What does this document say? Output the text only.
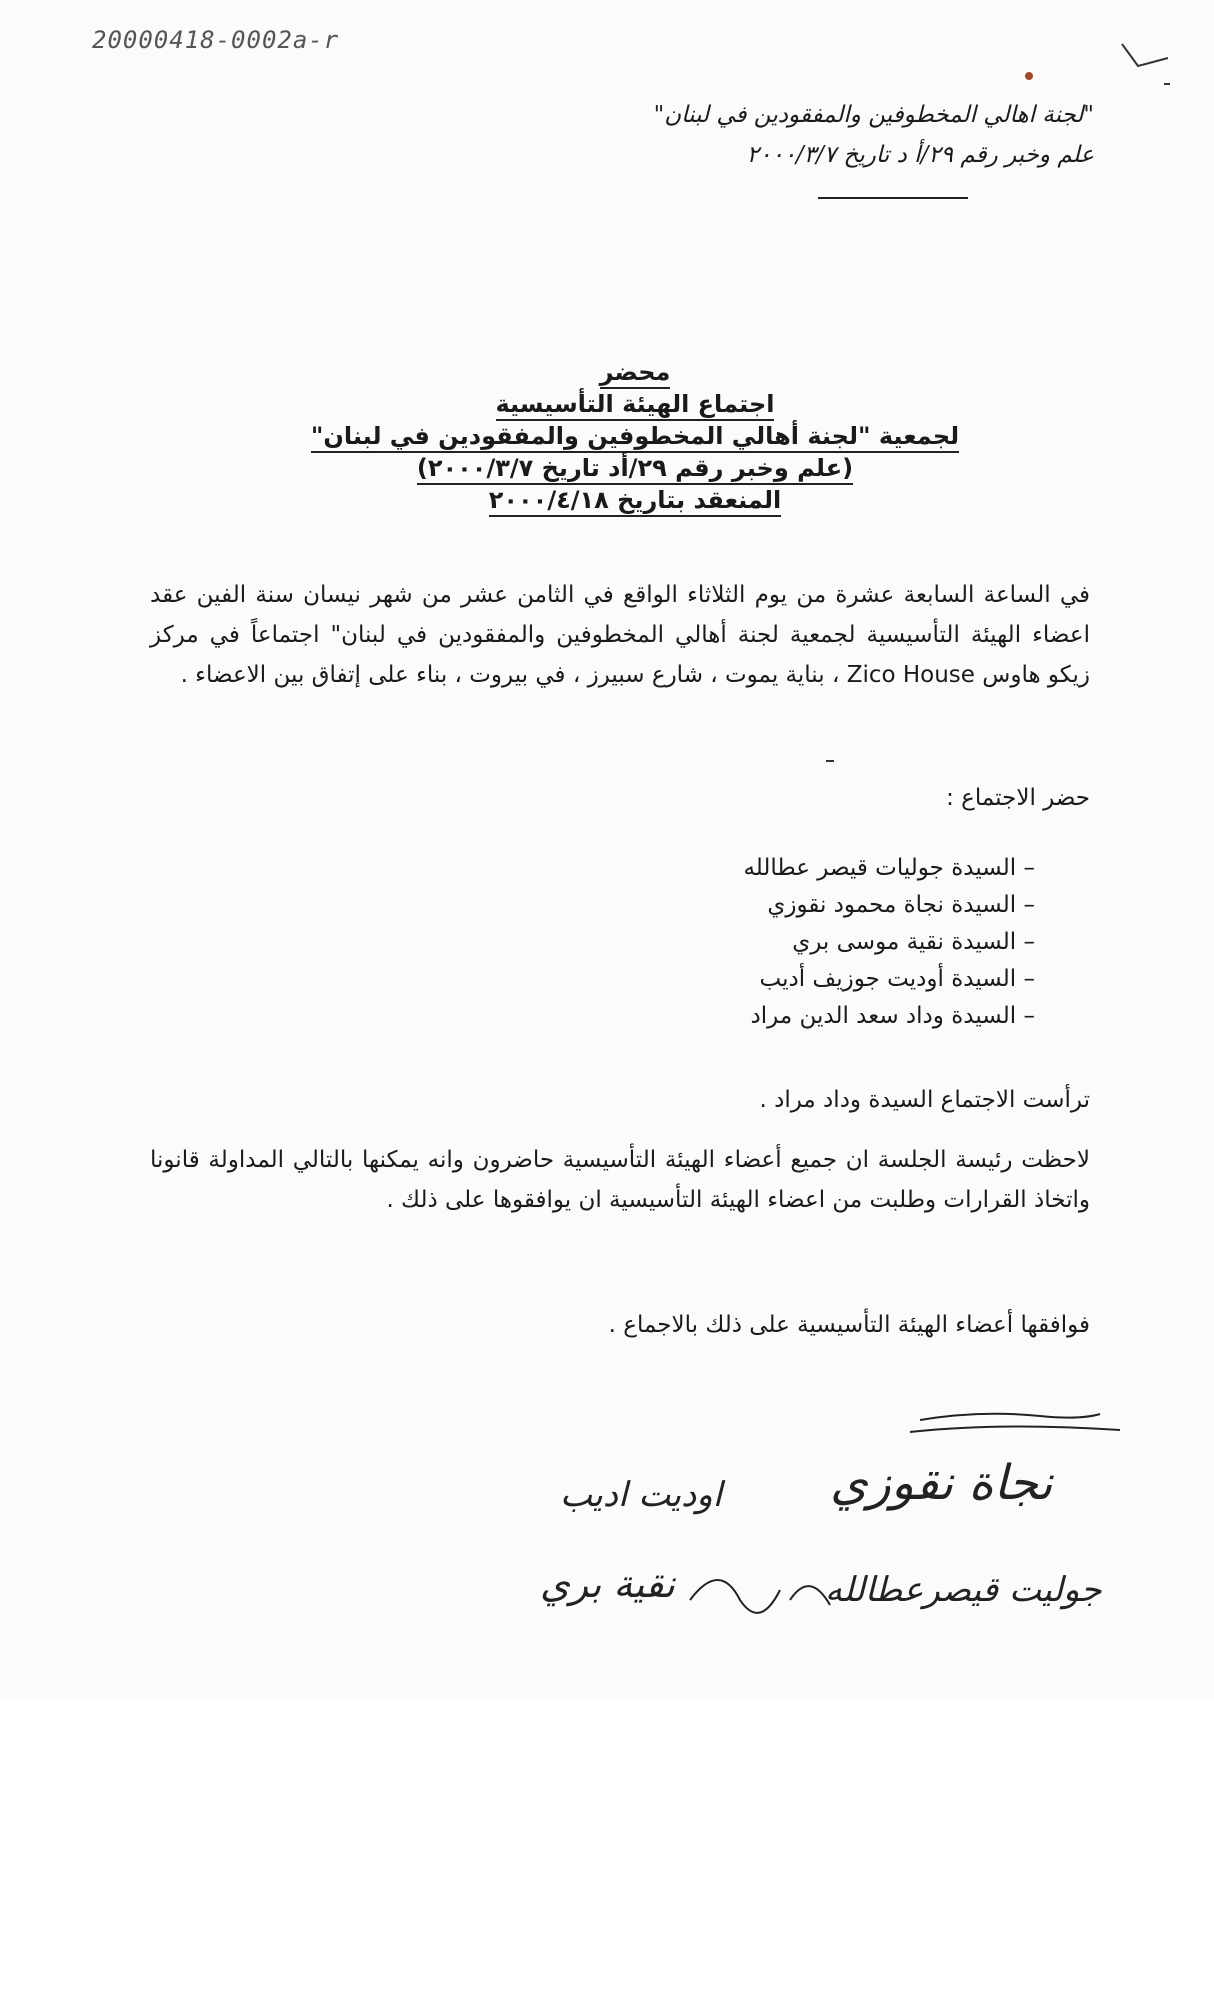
20000418-0002a-r
"لجنة اهالي المخطوفين والمفقودين في لبنان"
علم وخبر رقم ٢٩/أ د تاريخ ٢٠٠٠/٣/٧
محضر
اجتماع الهيئة التأسيسية
لجمعية "لجنة أهالي المخطوفين والمفقودين في لبنان"
(علم وخبر رقم ٢٩/أد تاريخ ٢٠٠٠/٣/٧)
المنعقد بتاريخ ٢٠٠٠/٤/١٨
في الساعة السابعة عشرة من يوم الثلاثاء الواقع في الثامن عشر من شهر نيسان سنة الفين عقد اعضاء الهيئة التأسيسية لجمعية لجنة أهالي المخطوفين والمفقودين في لبنان" اجتماعاً في مركز زيكو هاوس Zico House ، بناية يموت ، شارع سبيرز ، في بيروت ، بناء على إتفاق بين الاعضاء .
حضر الاجتماع :
– السيدة جوليات قيصر عطالله
– السيدة نجاة محمود نقوزي
– السيدة نقية موسى بري
– السيدة أوديت جوزيف أديب
– السيدة وداد سعد الدين مراد
ترأست الاجتماع السيدة وداد مراد .
لاحظت رئيسة الجلسة ان جميع أعضاء الهيئة التأسيسية حاضرون وانه يمكنها بالتالي المداولة قانونا واتخاذ القرارات وطلبت من اعضاء الهيئة التأسيسية ان يوافقوها على ذلك .
فوافقها أعضاء الهيئة التأسيسية على ذلك بالاجماع .
نجاة نقوزي
اوديت اديب
نقية بري	جوليت قيصرعطالله
